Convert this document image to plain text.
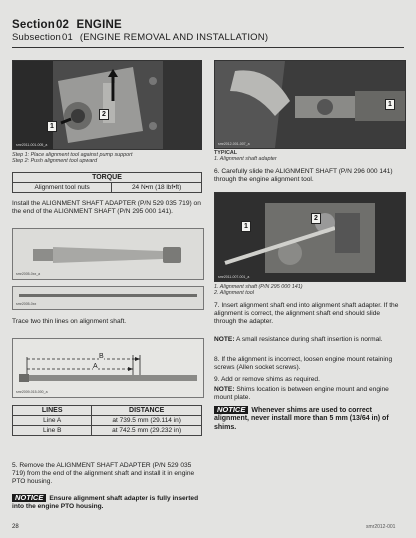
Section02 ENGINE
Subsection01 (ENGINE REMOVAL AND INSTALLATION)
1
2
smr2011-001-005_a
Step 1: Place alignment tool against pump support
Step 2: Push alignment tool upward
TORQUE
Alignment tool nuts	24 N•m (18 lbf•ft)
Install the ALIGNMENT SHAFT ADAPTER (P/N 529 035 719) on the end of the ALIGNMENT SHAFT (P/N 295 000 141).
smr2005-0xx_a
smr2005-0xx
Trace two thin lines on alignment shaft.
B
A
smr2009-015-000_a
LINES	DISTANCE
Line A	at 739.5 mm (29.114 in)
Line B	at 742.5 mm (29.232 in)
5. Remove the ALIGNMENT SHAFT ADAPTER (P/N 529 035 719) from the end of the alignment shaft and install it in engine PTO housing.
NOTICE Ensure alignment shaft adapter is fully inserted into the engine PTO housing.
1
smr2012-001-007_a
TYPICAL
1. Alignment shaft adapter
6. Carefully slide the ALIGNMENT SHAFT (P/N 296 000 141) through the engine alignment tool.
1
2
smr2011-007-001_a
1. Alignment shaft (P/N 295 000 141)
2. Alignment tool
7. Insert alignment shaft end into alignment shaft adapter. If the alignment is correct, the alignment shaft end should slide through the adapter.
NOTE: A small resistance during shaft insertion is normal.
8. If the alignment is incorrect, loosen engine mount retaining screws (Allen socket screws).
9. Add or remove shims as required.
NOTE: Shims location is between engine mount and engine mount plate.
NOTICE Whenever shims are used to correct alignment, never install more than 5 mm (13/64 in) of shims.
28	smr2012-001
